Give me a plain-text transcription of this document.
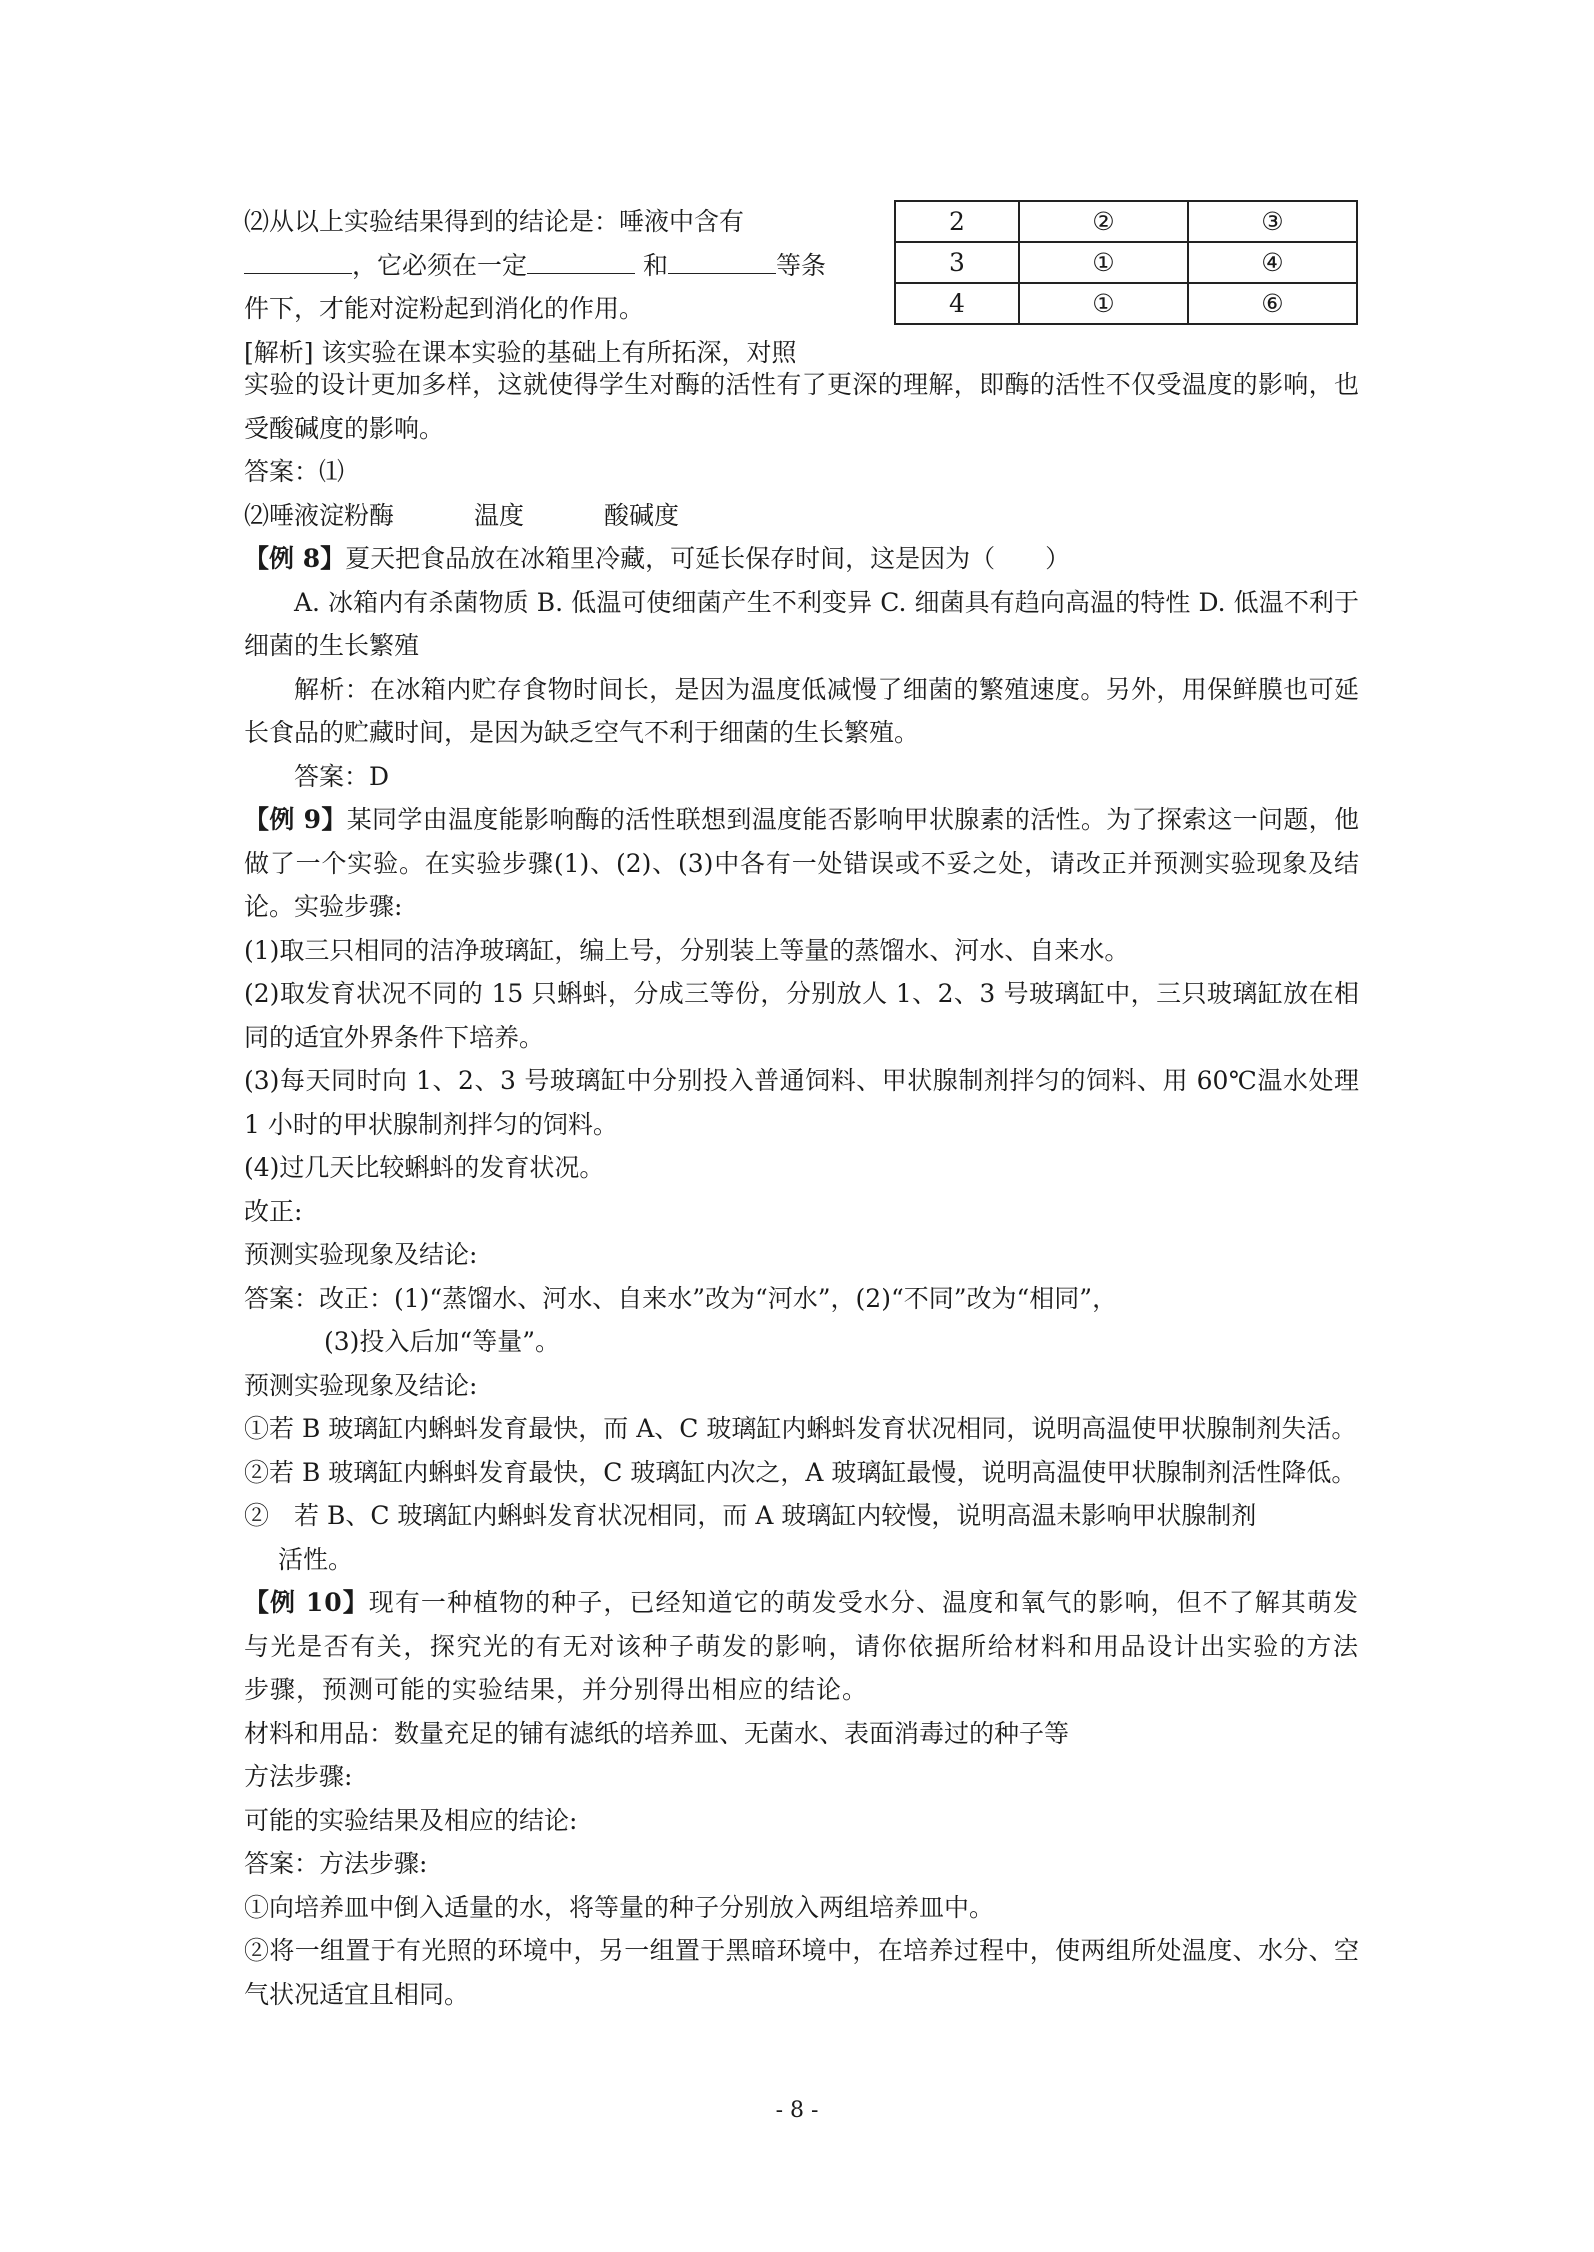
⑵从以上实验结果得到的结论是：唾液中含有

，它必须在一定	和	等条

件下，才能对淀粉起到消化的作用。

[解析] 该实验在课本实验的基础上有所拓深，对照

2	②	③
3	①	④
4	①	⑥

实验的设计更加多样，这就使得学生对酶的活性有了更深的理解，即酶的活性不仅受温度的影响，也受酸碱度的影响。

答案：⑴

⑵唾液淀粉酶	温度	酸碱度

【例 8】夏天把食品放在冰箱里冷藏，可延长保存时间，这是因为（　　）

A. 冰箱内有杀菌物质 B. 低温可使细菌产生不利变异 C. 细菌具有趋向高温的特性 D. 低温不利于细菌的生长繁殖

解析：在冰箱内贮存食物时间长，是因为温度低减慢了细菌的繁殖速度。另外，用保鲜膜也可延长食品的贮藏时间，是因为缺乏空气不利于细菌的生长繁殖。

答案：D

【例 9】某同学由温度能影响酶的活性联想到温度能否影响甲状腺素的活性。为了探索这一问题，他做了一个实验。在实验步骤(1)、(2)、(3)中各有一处错误或不妥之处，请改正并预测实验现象及结论。实验步骤:

(1)取三只相同的洁净玻璃缸，编上号，分别装上等量的蒸馏水、河水、自来水。

(2)取发育状况不同的 15 只蝌蚪，分成三等份，分别放人 1、2、3 号玻璃缸中，三只玻璃缸放在相同的适宜外界条件下培养。

(3)每天同时向 1、2、3 号玻璃缸中分别投入普通饲料、甲状腺制剂拌匀的饲料、用 60℃温水处理 1 小时的甲状腺制剂拌匀的饲料。

(4)过几天比较蝌蚪的发育状况。

改正:

预测实验现象及结论:

答案：改正：(1)“蒸馏水、河水、自来水”改为“河水”，(2)“不同”改为“相同”，

(3)投入后加“等量”。

预测实验现象及结论:

①若 B 玻璃缸内蝌蚪发育最快，而 A、C 玻璃缸内蝌蚪发育状况相同，说明高温使甲状腺制剂失活。

②若 B 玻璃缸内蝌蚪发育最快，C 玻璃缸内次之，A 玻璃缸最慢，说明高温使甲状腺制剂活性降低。

②　若 B、C 玻璃缸内蝌蚪发育状况相同，而 A 玻璃缸内较慢，说明高温未影响甲状腺制剂

活性。

【例 10】现有一种植物的种子，已经知道它的萌发受水分、温度和氧气的影响，但不了解其萌发与光是否有关，探究光的有无对该种子萌发的影响，请你依据所给材料和用品设计出实验的方法步骤，预测可能的实验结果，并分别得出相应的结论。

材料和用品：数量充足的铺有滤纸的培养皿、无菌水、表面消毒过的种子等

方法步骤:

可能的实验结果及相应的结论:

答案：方法步骤:

①向培养皿中倒入适量的水，将等量的种子分别放入两组培养皿中。

②将一组置于有光照的环境中，另一组置于黑暗环境中，在培养过程中，使两组所处温度、水分、空气状况适宜且相同。

- 8 -
